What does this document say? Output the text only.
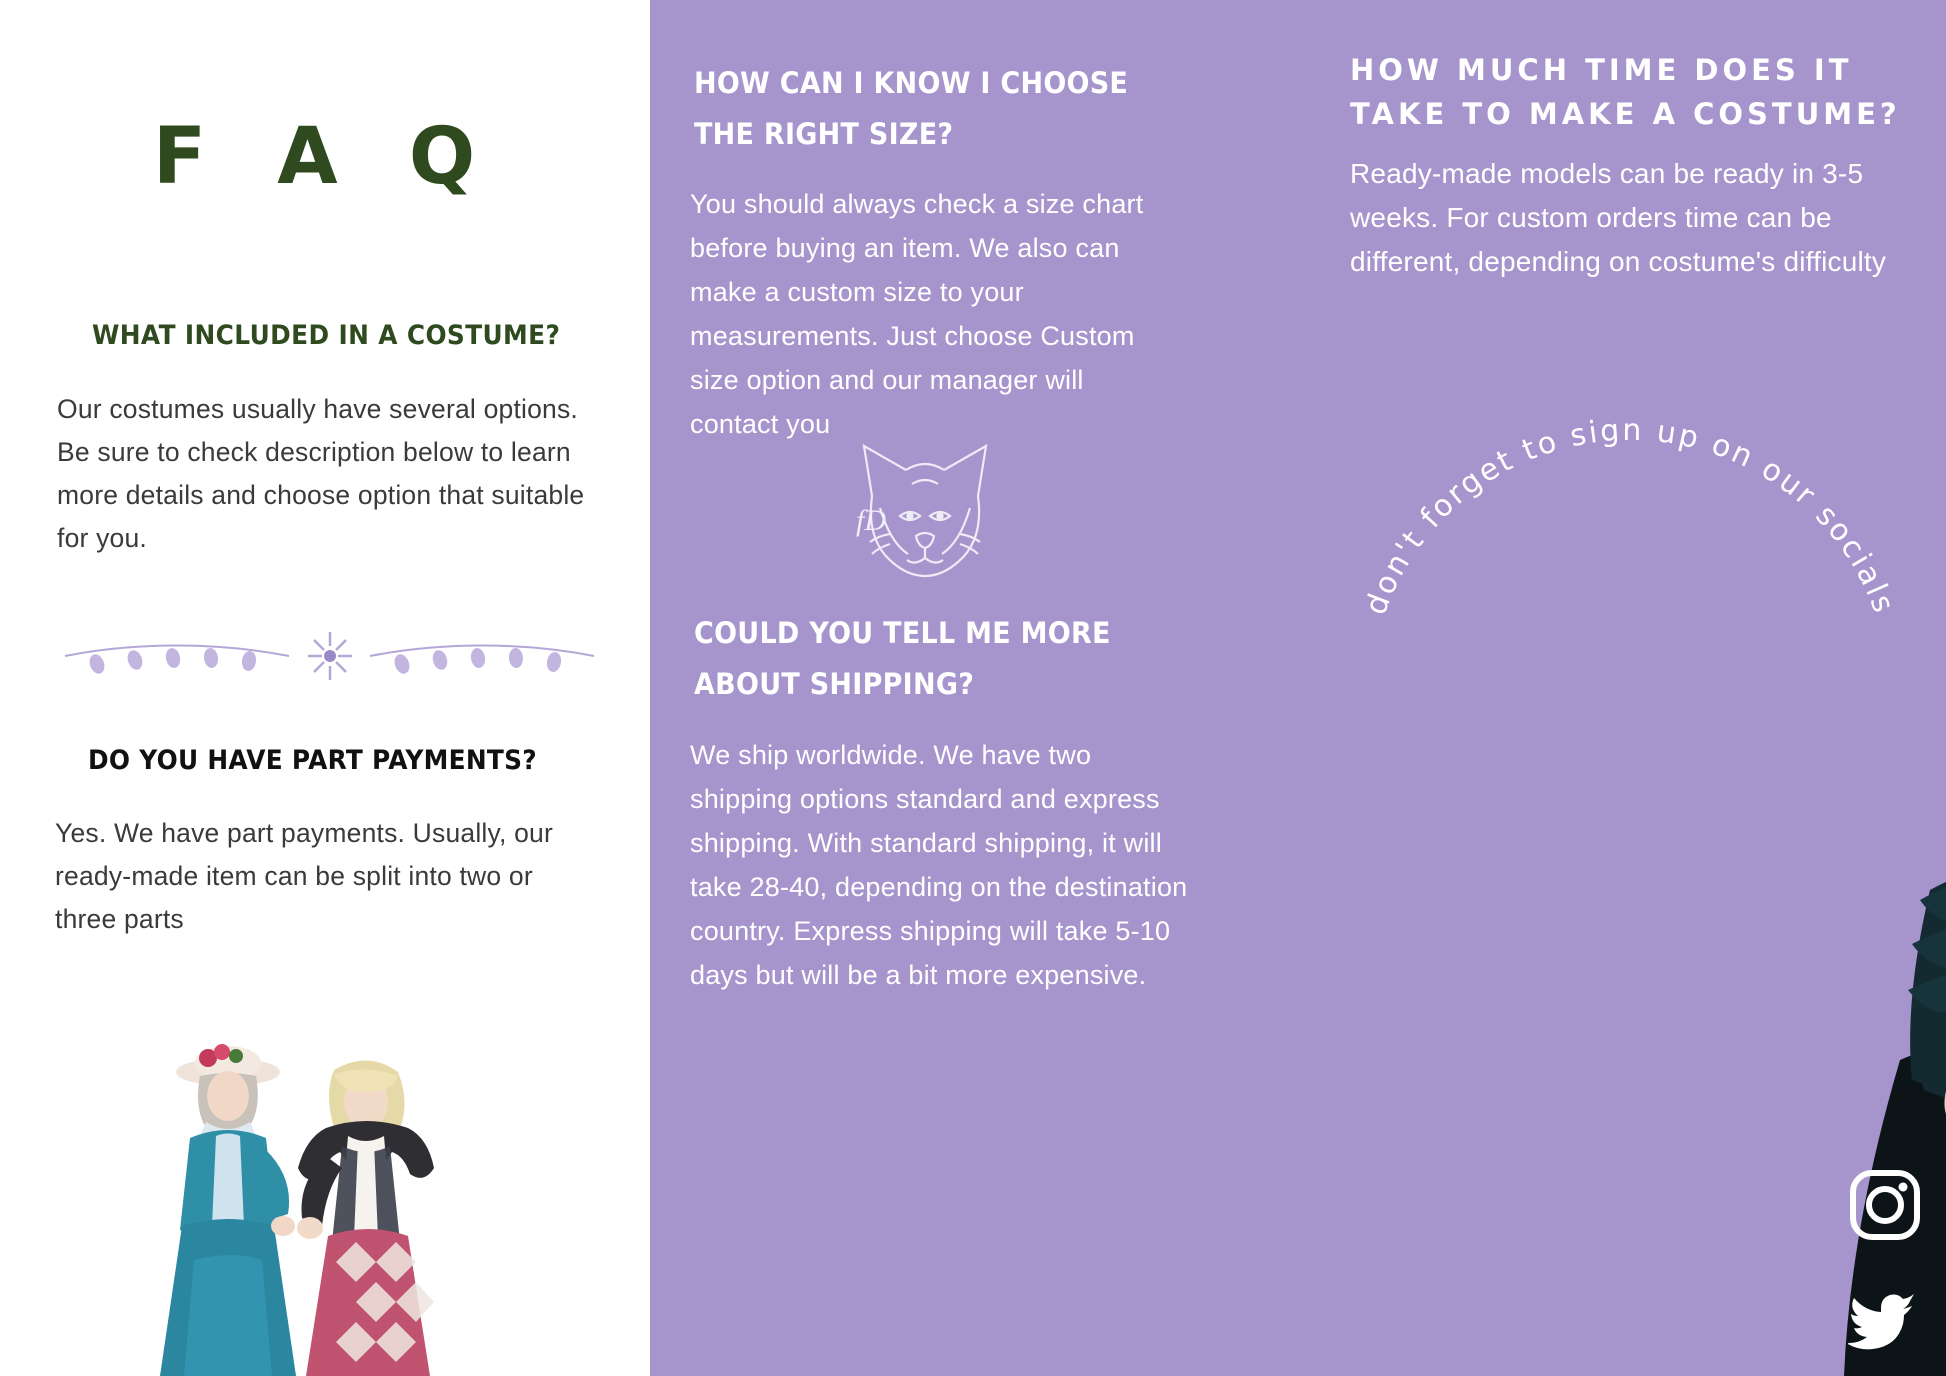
F A Q
WHAT INCLUDED IN A COSTUME?
Our costumes usually have several options. Be sure to check description below to learn more details and choose option that suitable for you.
DO YOU HAVE PART PAYMENTS?
Yes. We have part payments. Usually, our ready-made item can be split into two or three parts
HOW CAN I KNOW I CHOOSE THE RIGHT SIZE?
You should always check a size chart before buying an item. We also can make a custom size to your measurements. Just choose Custom size option and our manager will contact you
fD
COULD YOU TELL ME MORE ABOUT SHIPPING?
We ship worldwide. We have two shipping options standard and express shipping. With standard shipping, it will take 28-40, depending on the destination country. Express shipping will take 5-10 days but will be a bit more expensive.
HOW MUCH TIME DOES IT TAKE TO MAKE A COSTUME?
Ready-made models can be ready in 3-5 weeks. For custom orders time can be different, depending on costume's difficulty
don't forget to sign up on our socials
